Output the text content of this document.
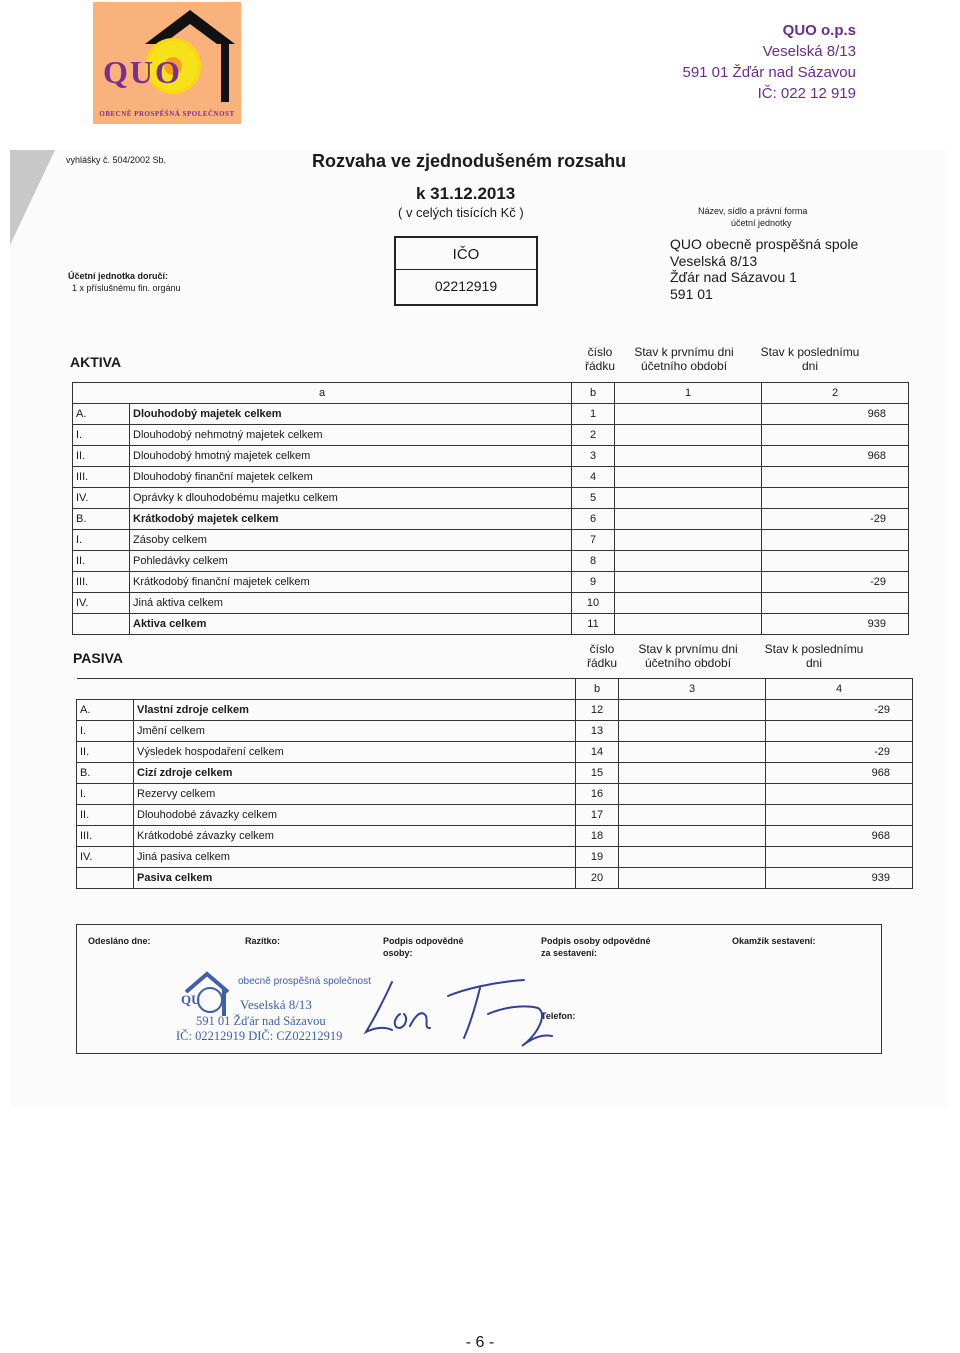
QUO
OBECNĚ PROSPĚŠNÁ SPOLEČNOST
QUO o.p.s
Veselská 8/13
591 01 Žďár nad Sázavou
IČ: 022 12 919
vyhlášky č. 504/2002 Sb.	Rozvaha ve zjednodušeném rozsahu
k 31.12.2013
( v celých tisících Kč )
IČO
02212919
Účetní jednotka doručí:
1 x příslušnému fin. orgánu
Název, sídlo a právní forma
účetní jednotky
QUO obecně prospěšná spole
Veselská 8/13
Žďár nad Sázavou 1
591 01
AKTIVA
číslo
řádku
Stav k prvnímu dni
účetního období
Stav k poslednímu
dni
a		b	1	2
A.	Dlouhodobý majetek celkem	1		968
I.	Dlouhodobý nehmotný majetek celkem	2		
II.	Dlouhodobý hmotný majetek celkem	3		968
III.	Dlouhodobý finanční majetek celkem	4		
IV.	Oprávky k dlouhodobému majetku celkem	5		
B.	Krátkodobý majetek celkem	6		-29
I.	Zásoby celkem	7		
II.	Pohledávky celkem	8		
III.	Krátkodobý finanční majetek celkem	9		-29
IV.	Jiná aktiva celkem	10		
	Aktiva celkem	11		939
PASIVA
číslo
řádku
Stav k prvnímu dni
účetního období
Stav k poslednímu
dni
		b	3	4
A.	Vlastní zdroje celkem	12		-29
I.	Jmění celkem	13		
II.	Výsledek hospodaření celkem	14		-29
B.	Cizí zdroje celkem	15		968
I.	Rezervy celkem	16		
II.	Dlouhodobé závazky celkem	17		
III.	Krátkodobé závazky celkem	18		968
IV.	Jiná pasiva celkem	19		
	Pasiva celkem	20		939
Odesláno dne:	Razítko:	Podpis odpovědné
osoby:
Podpis osoby odpovědné
za sestavení:
Okamžik sestavení:
Telefon:
QU
obecně prospěšná společnost
Veselská 8/13
591 01 Žďár nad Sázavou
IČ: 02212919 DIČ: CZ02212919
- 6 -
